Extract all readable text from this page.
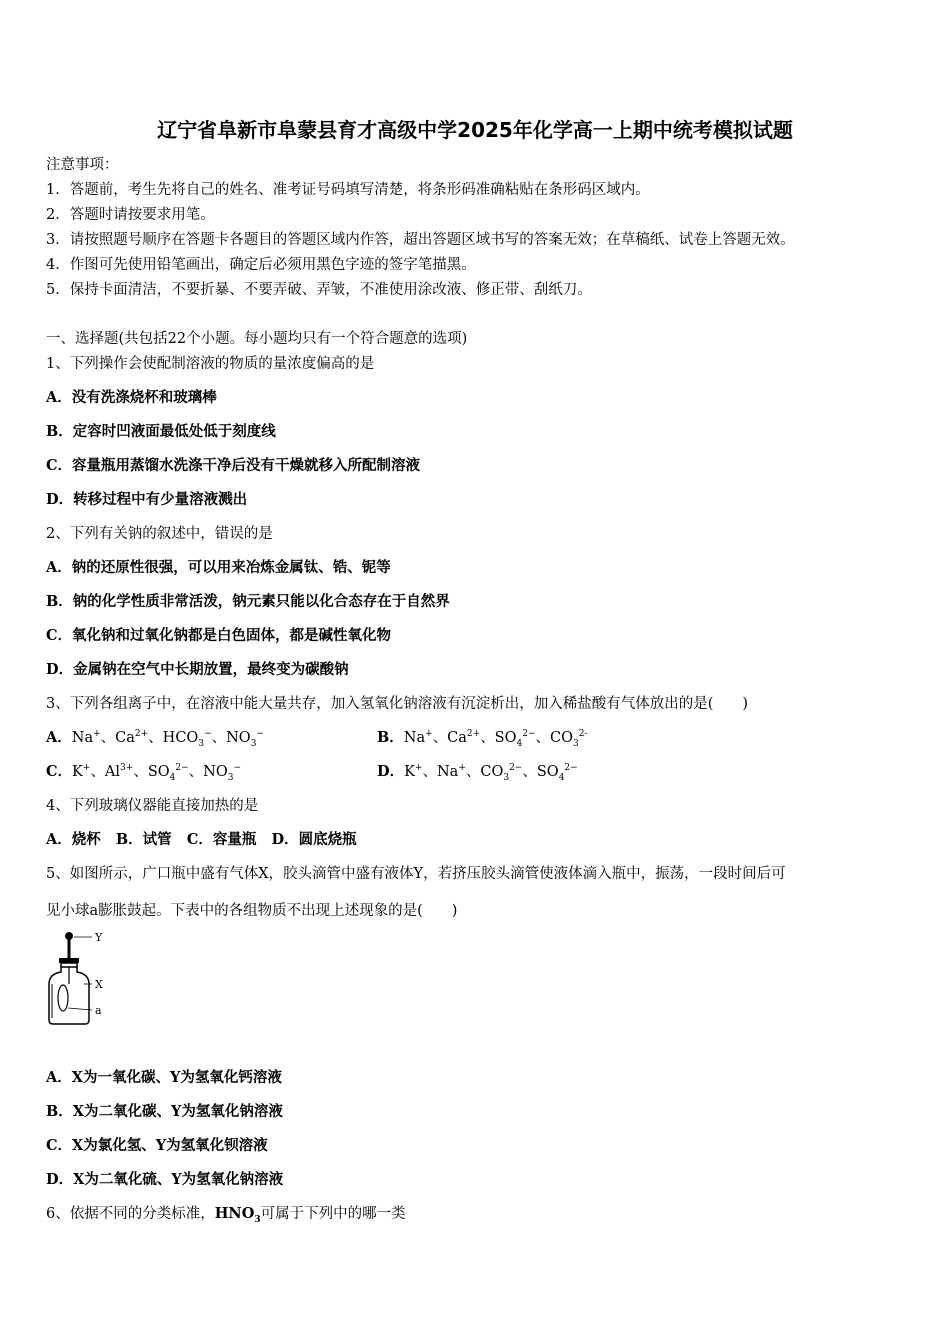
辽宁省阜新市阜蒙县育才高级中学2025年化学高一上期中统考模拟试题
注意事项：
1．答题前，考生先将自己的姓名、准考证号码填写清楚，将条形码准确粘贴在条形码区域内。
2．答题时请按要求用笔。
3．请按照题号顺序在答题卡各题目的答题区域内作答，超出答题区域书写的答案无效；在草稿纸、试卷上答题无效。
4．作图可先使用铅笔画出，确定后必须用黑色字迹的签字笔描黑。
5．保持卡面清洁，不要折暴、不要弄破、弄皱，不准使用涂改液、修正带、刮纸刀。
一、选择题(共包括22个小题。每小题均只有一个符合题意的选项)
1、下列操作会使配制溶液的物质的量浓度偏高的是
A．没有洗涤烧杯和玻璃棒
B．定容时凹液面最低处低于刻度线
C．容量瓶用蒸馏水洗涤干净后没有干燥就移入所配制溶液
D．转移过程中有少量溶液溅出
2、下列有关钠的叙述中，错误的是
A．钠的还原性很强，可以用来冶炼金属钛、锆、铌等
B．钠的化学性质非常活泼，钠元素只能以化合态存在于自然界
C．氧化钠和过氧化钠都是白色固体，都是碱性氧化物
D．金属钠在空气中长期放置，最终变为碳酸钠
3、下列各组离子中，在溶液中能大量共存，加入氢氧化钠溶液有沉淀析出，加入稀盐酸有气体放出的是(　　)
A．Na+、$Ca^{2+}$、$HCO_3^-$、$NO_3^-$	B．Na+、$Ca^{2+}$、$SO_4^{2-}$、$CO_3^{2-}$
C．K+、$Al^{3+}$、$SO_4^{2-}$、$NO_3^-$	D．K+、Na+、$CO_3^{2-}$、$SO_4^{2-}$
4、下列玻璃仪器能直接加热的是
A．烧杯 B．试管 C．容量瓶 D．圆底烧瓶
5、如图所示，广口瓶中盛有气体X，胶头滴管中盛有液体Y，若挤压胶头滴管使液体滴入瓶中，振荡，一段时间后可
见小球a膨胀鼓起。下表中的各组物质不出现上述现象的是(　　)
Y
X
a
A．X为一氧化碳、Y为氢氧化钙溶液
B．X为二氧化碳、Y为氢氧化钠溶液
C．X为氯化氢、Y为氢氧化钡溶液
D．X为二氧化硫、Y为氢氧化钠溶液
6、依据不同的分类标准，$HNO_3$可属于下列中的哪一类
